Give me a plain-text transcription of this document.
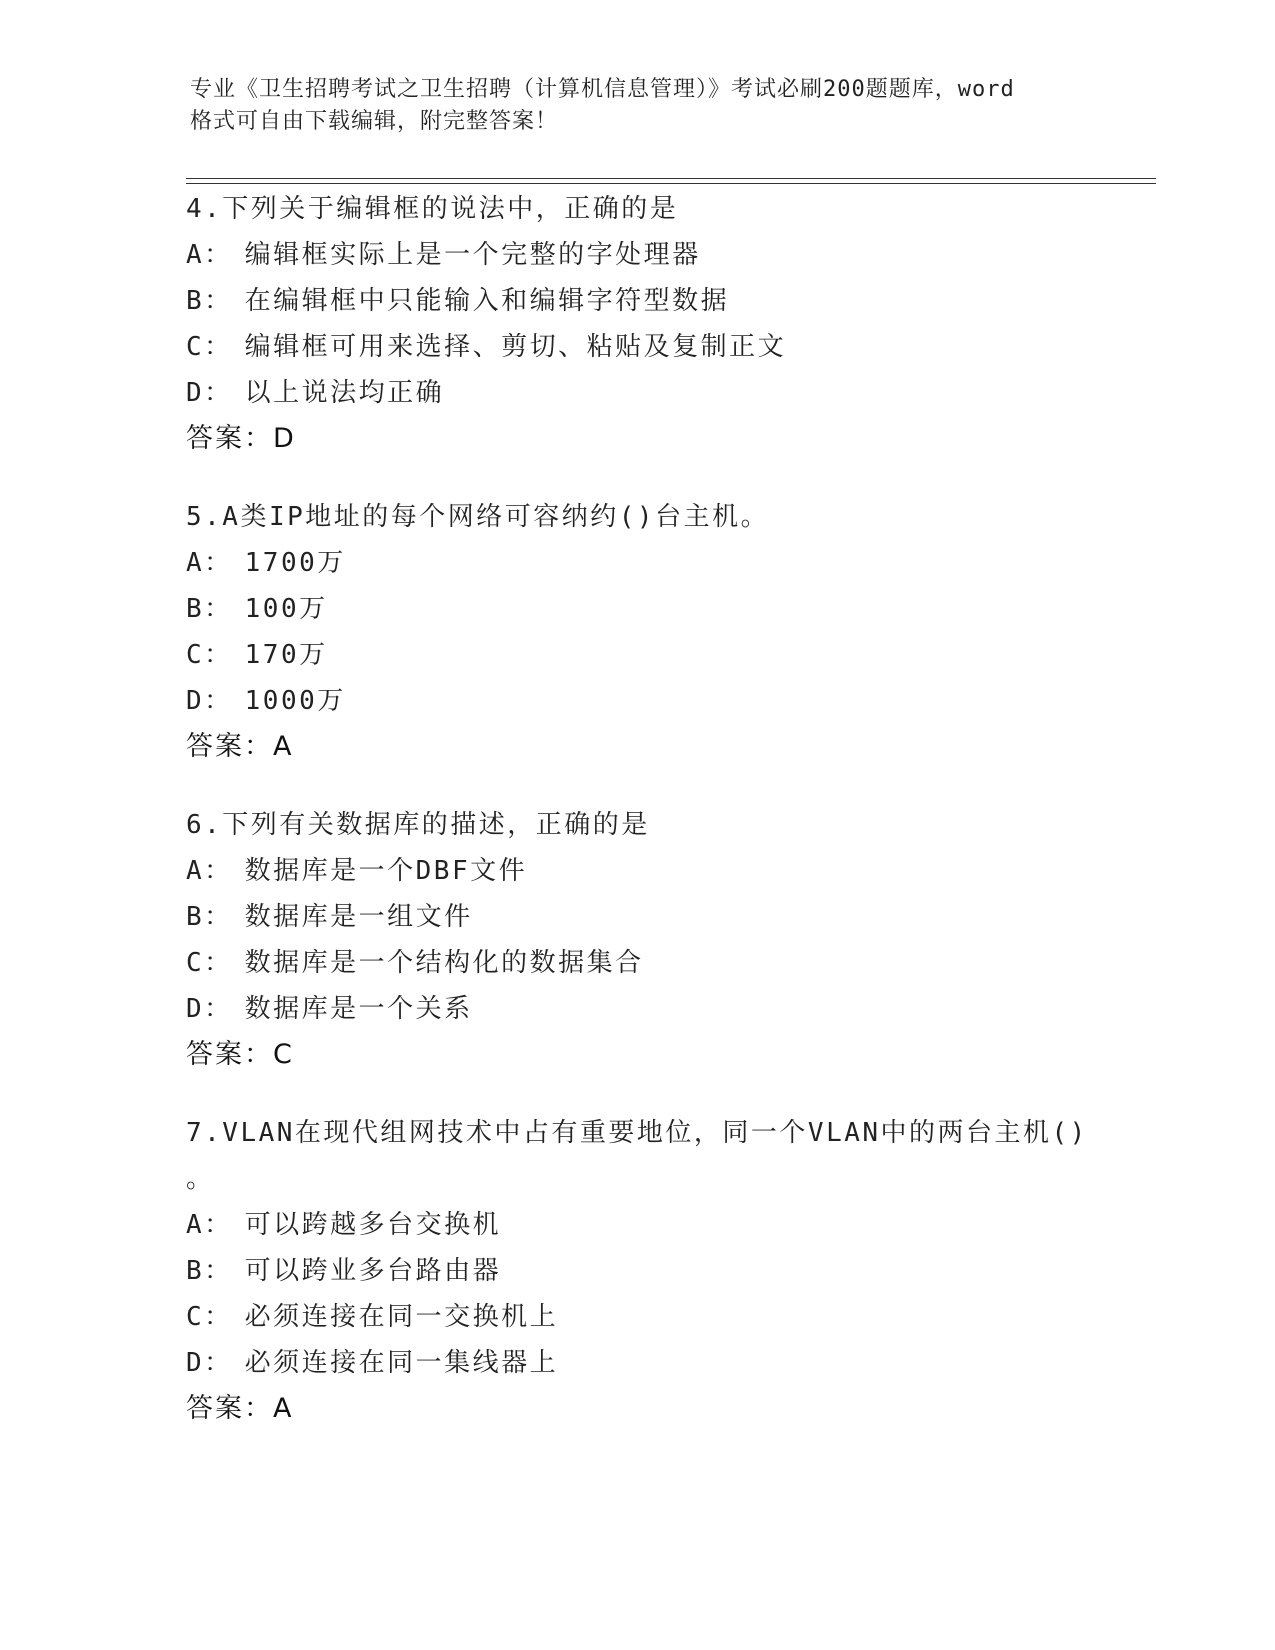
专业《卫生招聘考试之卫生招聘（计算机信息管理）》考试必刷200题题库，word
格式可自由下载编辑，附完整答案！
4.下列关于编辑框的说法中，正确的是
A： 编辑框实际上是一个完整的字处理器
B： 在编辑框中只能输入和编辑字符型数据
C： 编辑框可用来选择、剪切、粘贴及复制正文
D： 以上说法均正确
答案：D
5.A类IP地址的每个网络可容纳约()台主机。
A： 1700万
B： 100万
C： 170万
D： 1000万
答案：A
6.下列有关数据库的描述，正确的是
A： 数据库是一个DBF文件
B： 数据库是一组文件
C： 数据库是一个结构化的数据集合
D： 数据库是一个关系
答案：C
7.VLAN在现代组网技术中占有重要地位，同一个VLAN中的两台主机()
。
A： 可以跨越多台交换机
B： 可以跨业多台路由器
C： 必须连接在同一交换机上
D： 必须连接在同一集线器上
答案：A
